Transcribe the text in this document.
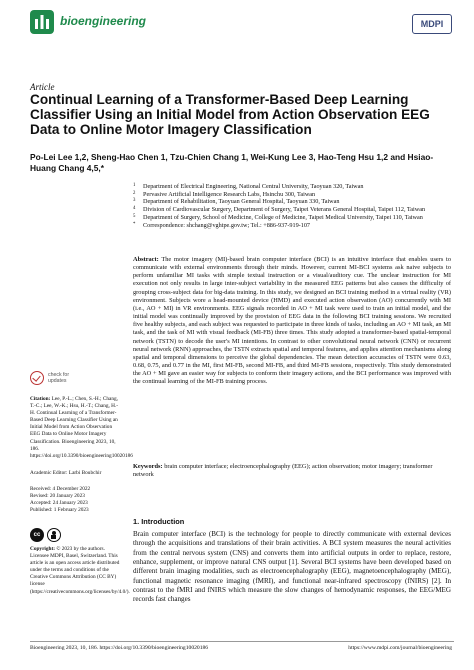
bioengineering	MDPI
Article
Continual Learning of a Transformer-Based Deep Learning Classifier Using an Initial Model from Action Observation EEG Data to Online Motor Imagery Classification
Po-Lei Lee 1,2, Sheng-Hao Chen 1, Tzu-Chien Chang 1, Wei-Kung Lee 3, Hao-Teng Hsu 1,2 and Hsiao-Huang Chang 4,5,*
1 Department of Electrical Engineering, National Central University, Taoyuan 320, Taiwan
2 Pervasive Artificial Intelligence Research Labs, Hsinchu 300, Taiwan
3 Department of Rehabilitation, Taoyuan General Hospital, Taoyuan 330, Taiwan
4 Division of Cardiovascular Surgery, Department of Surgery, Taipei Veterans General Hospital, Taipei 112, Taiwan
5 Department of Surgery, School of Medicine, College of Medicine, Taipei Medical University, Taipei 110, Taiwan
* Correspondence: shchang@vghtpe.gov.tw; Tel.: +886-937-919-107
Abstract: The motor imagery (MI)-based brain computer interface (BCI) is an intuitive interface that enables users to communicate with external environments through their minds. However, current MI-BCI systems ask naive subjects to perform unfamiliar MI tasks with simple textual instruction or a visual/auditory cue. The unclear instruction for MI execution not only results in large inter-subject variability in the measured EEG patterns but also causes the difficulty of grouping cross-subject data for big-data training. In this study, we designed an BCI training method in a virtual reality (VR) environment. Subjects wore a head-mounted device (HMD) and executed action observation (AO) concurrently with MI (i.e., AO + MI) in VR environments. EEG signals recorded in AO + MI task were used to train an initial model, and the initial model was continually improved by the provision of EEG data in the following BCI training sessions. We recruited five healthy subjects, and each subject was requested to participate in three kinds of tasks, including an AO + MI task, an MI task, and the task of MI with visual feedback (MI-FB) three times. This study adopted a transformer-based spatial-temporal network (TSTN) to decode the user's MI intentions. In contrast to other convolutional neural network (CNN) or recurrent neural network (RNN) approaches, the TSTN extracts spatial and temporal features, and applies attention mechanisms along spatial and temporal dimensions to perceive the global dependencies. The mean detection accuracies of TSTN were 0.63, 0.68, 0.75, and 0.77 in the MI, first MI-FB, second MI-FB, and third MI-FB sessions, respectively. This study demonstrated the AO + MI gave an easier way for subjects to conform their imagery actions, and the BCI performance was improved with the continual learning of the MI-FB training process.
Keywords: brain computer interface; electroencephalography (EEG); action observation; motor imagery; transformer network
check for updates
Citation: Lee, P.-L.; Chen, S.-H.; Chang, T.-C.; Lee, W.-K.; Hsu, H.-T.; Chang, H.-H. Continual Learning of a Transformer-Based Deep Learning Classifier Using an Initial Model from Action Observation EEG Data to Online Motor Imagery Classification. Bioengineering 2023, 10, 186. https://doi.org/10.3390/bioengineering10020186
Academic Editor: Larbi Boubchir
Received: 4 December 2022
Revised: 20 January 2023
Accepted: 24 January 2023
Published: 1 February 2023
cc
Copyright: © 2023 by the authors. Licensee MDPI, Basel, Switzerland. This article is an open access article distributed under the terms and conditions of the Creative Commons Attribution (CC BY) license (https://creativecommons.org/licenses/by/4.0/).
1. Introduction
Brain computer interface (BCI) is the technology for people to directly communicate with external devices through the acquisitions and translations of their brain activities. A BCI system measures the neural activities from the central nervous system (CNS) and converts them into artificial outputs in order to replace, restore, enhance, supplement, or improve natural CNS output [1]. Several BCI systems have been developed based on different brain imaging modalities, such as electroencephalography (EEG), magnetoencephalography (MEG), functional magnetic resonance imaging (fMRI), and functional near-infrared spectroscopy (fNIRS) [2]. In contrast to the fMRI and fNIRS which measure the slow changes of hemodynamic responses, the EEG/MEG records fast changes
Bioengineering 2023, 10, 186. https://doi.org/10.3390/bioengineering10020186	https://www.mdpi.com/journal/bioengineering
